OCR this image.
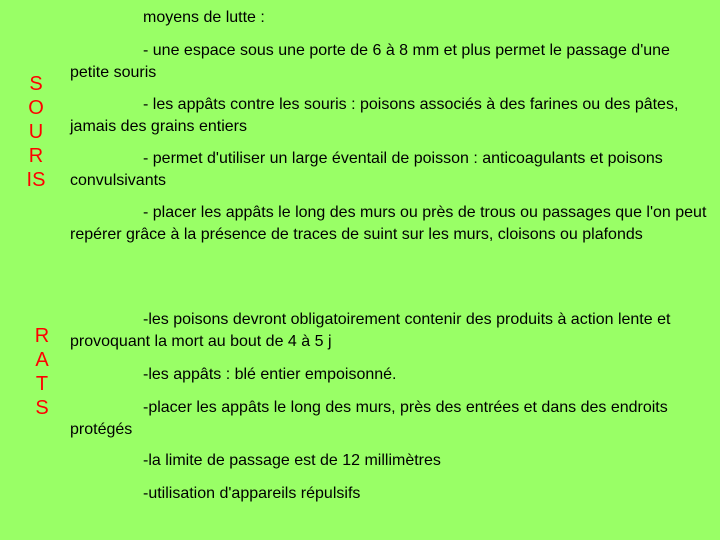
moyens de lutte :
S
O
U
R
IS
- une espace sous une porte de 6 à 8 mm et plus permet le passage d'une petite souris
- les appâts contre les souris : poisons associés à des farines ou des pâtes, jamais des grains entiers
- permet d'utiliser un large éventail de poisson : anticoagulants et poisons convulsivants
- placer les appâts le long des murs ou près de trous ou passages que l'on peut repérer grâce à la présence de traces de suint sur les murs, cloisons ou plafonds
R
A
T
S
-les poisons devront obligatoirement contenir des produits à action lente et provoquant la mort au bout de 4 à 5 j
-les appâts : blé entier empoisonné.
-placer les appâts le long des murs, près des entrées et dans des endroits protégés
-la limite de passage est de 12 millimètres
-utilisation d'appareils répulsifs
